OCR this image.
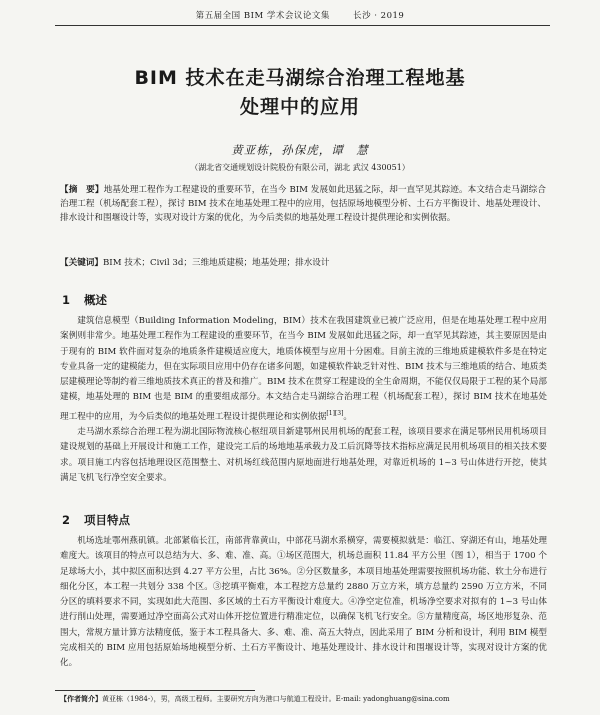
第五届全国 BIM 学术会议论文集	长沙 · 2019
BIM 技术在走马湖综合治理工程地基
处理中的应用
黄亚栋，孙保虎，谭　慧
（湖北省交通规划设计院股份有限公司，湖北 武汉 430051）
【摘　要】地基处理工程作为工程建设的重要环节，在当今 BIM 发展如此迅猛之际，却一直罕见其踪迹。本文结合走马湖综合治理工程（机场配套工程），探讨 BIM 技术在地基处理工程中的应用，包括原场地模型分析、土石方平衡设计、地基处理设计、排水设计和围堰设计等，实现对设计方案的优化，为今后类似的地基处理工程设计提供理论和实例依据。
【关键词】BIM 技术；Civil 3d；三维地质建模；地基处理；排水设计
1 概述

建筑信息模型（Building Information Modeling，BIM）技术在我国建筑业已被广泛应用，但是在地基处理工程中应用案例则非常少。地基处理工程作为工程建设的重要环节，在当今 BIM 发展如此迅猛之际，却一直罕见其踪迹，其主要原因是由于现有的 BIM 软件面对复杂的地质条件建模适应度大，地质体模型与应用十分困难。目前主流的三维地质建模软件多是在特定专业具备一定的建模能力，但在实际项目应用中仍存在诸多问题，如建模软件缺乏针对性、BIM 技术与三维地质的结合、地质类层建模理论等制约着三维地质技术真正的普及和推广。BIM 技术在贯穿工程建设的全生命周期，不能仅仅局限于工程的某个局部建模，地基处理的 BIM 也是 BIM 的重要组成部分。本文结合走马湖综合治理工程（机场配套工程），探讨 BIM 技术在地基处理工程中的应用，为今后类似的地基处理工程设计提供理论和实例依据[1][3]。

走马湖水系综合治理工程为湖北国际物流核心枢纽项目新建鄂州民用机场的配套工程，该项目要求在满足鄂州民用机场项目建设规划的基础上开展设计和施工工作，建设完工后的场地地基承载力及工后沉降等技术指标应满足民用机场项目的相关技术要求。项目施工内容包括地理设区范围整土、对机场红线范围内原地面进行地基处理，对靠近机场的 1~3 号山体进行开挖，使其满足飞机飞行净空安全要求。

2 项目特点

机场选址鄂州燕矶镇。北部紧临长江，南部背靠黄山，中部花马湖水系横穿，需要模拟就是：临江、穿湖还有山，地基处理难度大。该项目的特点可以总结为大、多、难、准、高。①场区范围大，机场总面积 11.84 平方公里（图 1），相当于 1700 个足球场大小，其中拟区面积达到 4.27 平方公里，占比 36%。②分区数量多，本项目地基处理需要按照机场功能、软土分布进行细化分区，本工程一共划分 338 个区。③挖填平衡难，本工程挖方总量约 2880 万立方米，填方总量约 2590 万立方米，不同分区的填料要求不同，实现如此大范围、多区域的土石方平衡设计难度大。④净空定位准，机场净空要求对拟有的 1~3 号山体进行削山处理，需要通过净空面高公式对山体开挖位置进行精准定位，以确保飞机飞行安全。⑤方量精度高，场区地形复杂、范围大，常规方量计算方法精度低，鉴于本工程具备大、多、难、准、高五大特点，因此采用了 BIM 分析和设计，利用 BIM 模型完成相关的 BIM 应用包括原始场地模型分析、土石方平衡设计、地基处理设计、排水设计和围堰设计等，实现对设计方案的优化。

【作者简介】黄亚栋（1984-），男，高级工程师。主要研究方向为港口与航道工程设计。E-mail: yadonghuang@sina.com
